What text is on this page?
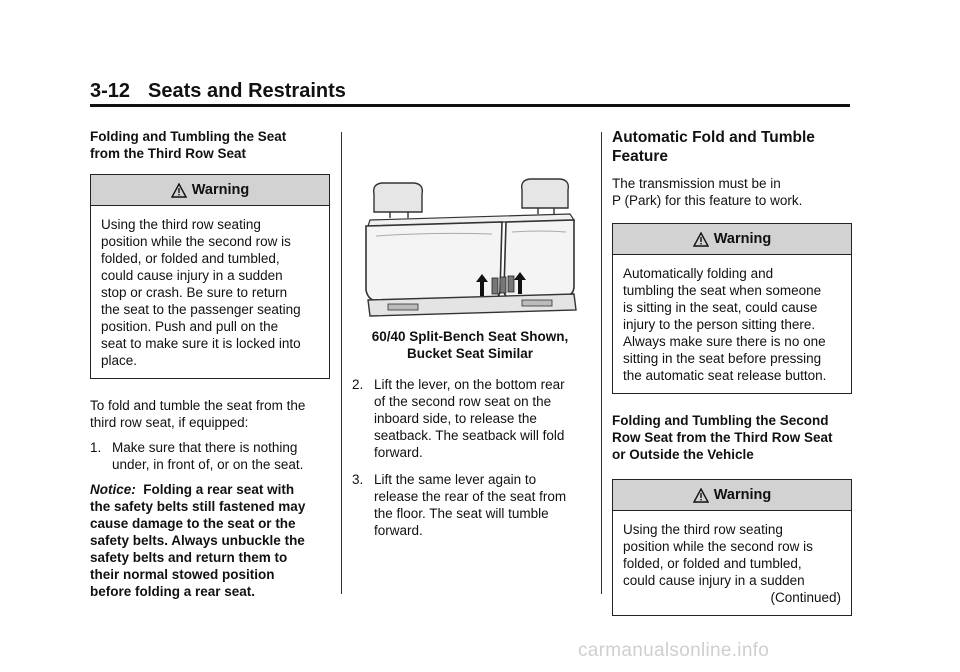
3-12 Seats and Restraints

Folding and Tumbling the Seat
from the Third Row Seat

Warning
Using the third row seating
position while the second row is
folded, or folded and tumbled,
could cause injury in a sudden
stop or crash. Be sure to return
the seat to the passenger seating
position. Push and pull on the
seat to make sure it is locked into
place.

To fold and tumble the seat from the
third row seat, if equipped:

1. Make sure that there is nothing
under, in front of, or on the seat.

Notice: Folding a rear seat with
the safety belts still fastened may
cause damage to the seat or the
safety belts. Always unbuckle the
safety belts and return them to
their normal stowed position
before folding a rear seat.

60/40 Split-Bench Seat Shown,
Bucket Seat Similar

2. Lift the lever, on the bottom rear
of the second row seat on the
inboard side, to release the
seatback. The seatback will fold
forward.

3. Lift the same lever again to
release the rear of the seat from
the floor. The seat will tumble
forward.

Automatic Fold and Tumble
Feature

The transmission must be in
P (Park) for this feature to work.

Warning
Automatically folding and
tumbling the seat when someone
is sitting in the seat, could cause
injury to the person sitting there.
Always make sure there is no one
sitting in the seat before pressing
the automatic seat release button.

Folding and Tumbling the Second
Row Seat from the Third Row Seat
or Outside the Vehicle

Warning
Using the third row seating
position while the second row is
folded, or folded and tumbled,
could cause injury in a sudden
(Continued)
carmanualsonline.info
